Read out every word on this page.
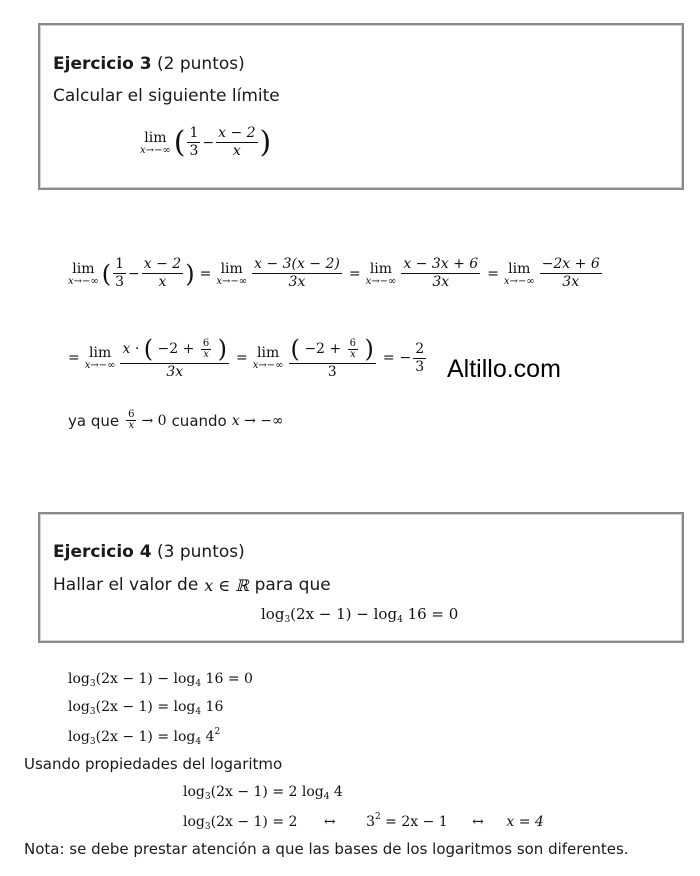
Ejercicio 3 (2 puntos)
Calcular el siguiente límite
lim
x→−∞ ( $\frac{1}{3} - \frac{x - 2}{x}$ )
lim
x→−∞ ( $\frac{1}{3} - \frac{x - 2}{x}$ ) = lim
$x\to-\infty \frac{x - 3(x - 2)}{3x} = \lim$
$x\to-\infty \frac{x - 3x + 6}{3x} = \lim$
$x\to-\infty \frac{-2x + 6}{3x}$
= lim
$x\to-\infty \frac{x \cdot ( -2 + \frac{6}{x} )}{3x} = \lim$
$x\to-\infty \frac{( -2 + \frac{6}{x} )}{3}$ = − $\frac{2}{3}$ Altillo.com
ya que $\frac{6}{x} \to 0$ cuando x → −∞
Ejercicio 4 (3 puntos)
Hallar el valor de x ∈ ℝ para que
$\log_3(2x - 1) - \log_4 16 = 0$
$\log_3(2x - 1) - \log_4 16 = 0$
$\log_3(2x - 1) = \log_4 16$
$\log_3(2x - 1) = \log_4 4^2$
Usando propiedades del logaritmo
$\log_3(2x - 1) = 2$ $\log_4 4$
$\log_3(2x - 1) = 2$ ↔ $3^2 = 2x - 1$ ↔ x = 4
Nota: se debe prestar atención a que las bases de los logaritmos son diferentes.
